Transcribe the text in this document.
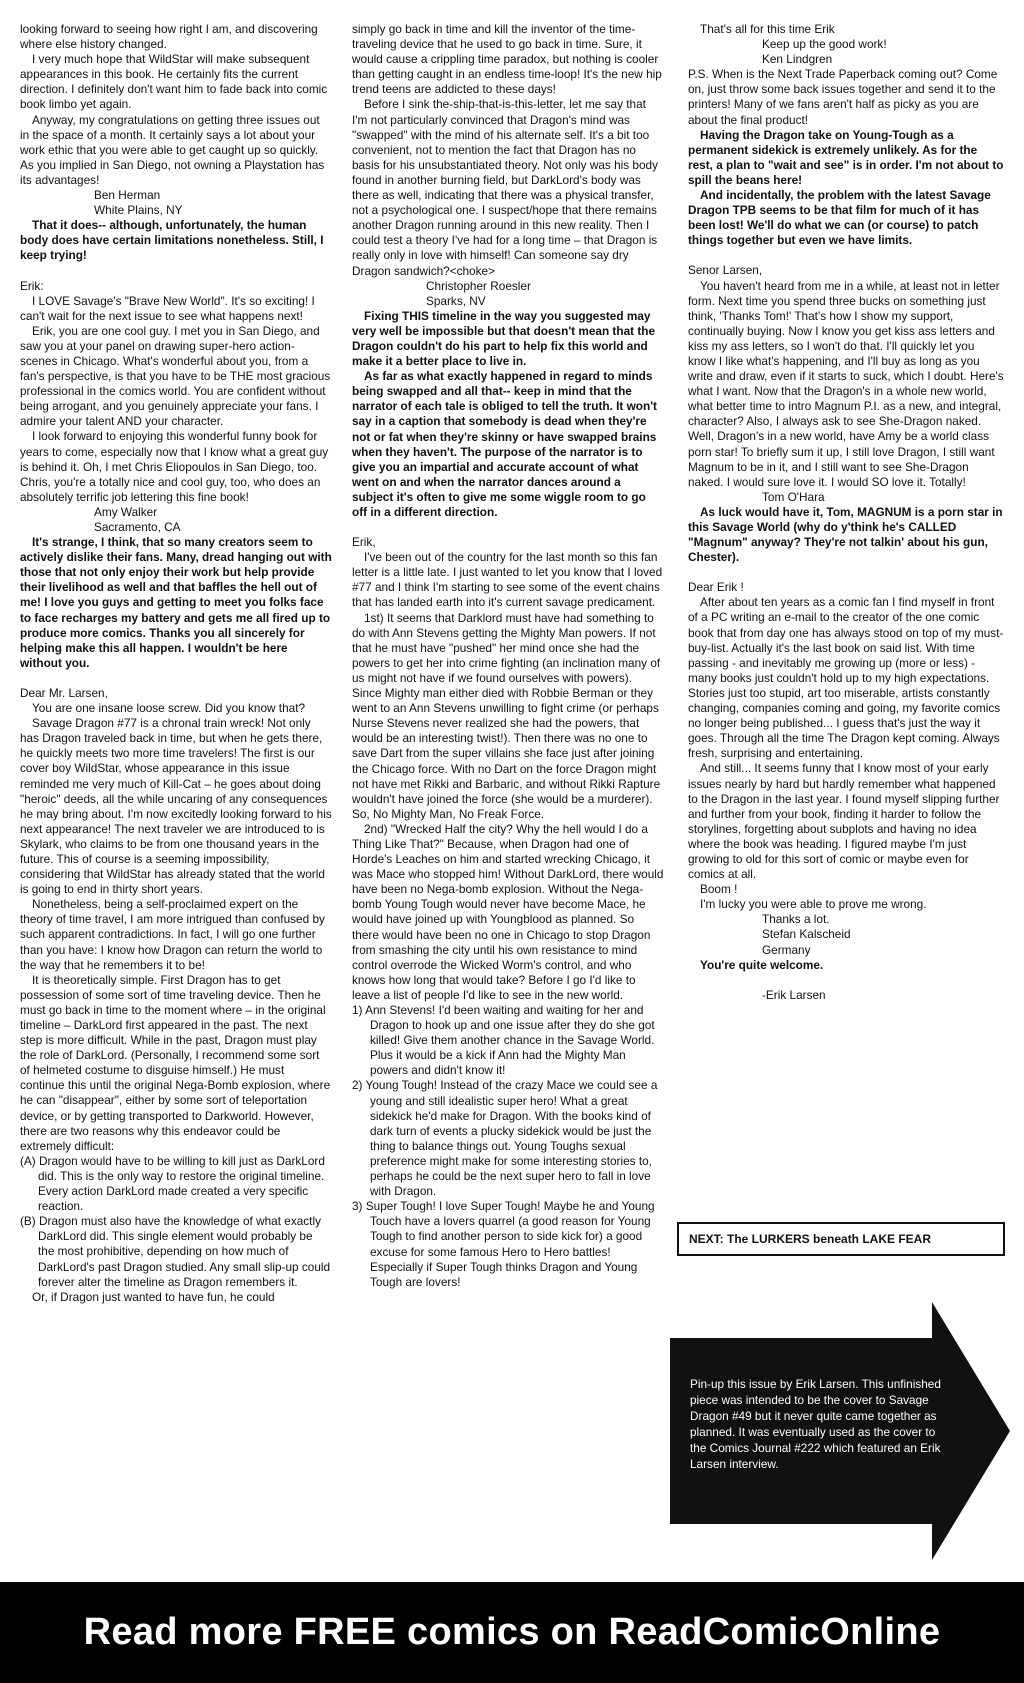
looking forward to seeing how right I am, and discovering where else history changed.

I very much hope that WildStar will make subsequent appearances in this book. He certainly fits the current direction. I definitely don't want him to fade back into comic book limbo yet again.

Anyway, my congratulations on getting three issues out in the space of a month. It certainly says a lot about your work ethic that you were able to get caught up so quickly. As you implied in San Diego, not owning a Playstation has its advantages!

Ben Herman

White Plains, NY

That it does-- although, unfortunately, the human body does have certain limitations nonetheless. Still, I keep trying!

Erik:

I LOVE Savage's "Brave New World". It's so exciting! I can't wait for the next issue to see what happens next!

Erik, you are one cool guy. I met you in San Diego, and saw you at your panel on drawing super-hero action-scenes in Chicago. What's wonderful about you, from a fan's perspective, is that you have to be THE most gracious professional in the comics world. You are confident without being arrogant, and you genuinely appreciate your fans. I admire your talent AND your character.

I look forward to enjoying this wonderful funny book for years to come, especially now that I know what a great guy is behind it. Oh, I met Chris Eliopoulos in San Diego, too. Chris, you're a totally nice and cool guy, too, who does an absolutely terrific job lettering this fine book!

Amy Walker

Sacramento, CA

It's strange, I think, that so many creators seem to actively dislike their fans. Many, dread hanging out with those that not only enjoy their work but help provide their livelihood as well and that baffles the hell out of me! I love you guys and getting to meet you folks face to face recharges my battery and gets me all fired up to produce more comics. Thanks you all sincerely for helping make this all happen. I wouldn't be here without you.

Dear Mr. Larsen,

You are one insane loose screw. Did you know that?

Savage Dragon #77 is a chronal train wreck! Not only has Dragon traveled back in time, but when he gets there, he quickly meets two more time travelers! The first is our cover boy WildStar, whose appearance in this issue reminded me very much of Kill-Cat – he goes about doing "heroic" deeds, all the while uncaring of any consequences he may bring about. I'm now excitedly looking forward to his next appearance! The next traveler we are introduced to is Skylark, who claims to be from one thousand years in the future. This of course is a seeming impossibility, considering that WildStar has already stated that the world is going to end in thirty short years.

Nonetheless, being a self-proclaimed expert on the theory of time travel, I am more intrigued than confused by such apparent contradictions. In fact, I will go one further than you have: I know how Dragon can return the world to the way that he remembers it to be!

It is theoretically simple. First Dragon has to get possession of some sort of time traveling device. Then he must go back in time to the moment where – in the original timeline – DarkLord first appeared in the past. The next step is more difficult. While in the past, Dragon must play the role of DarkLord. (Personally, I recommend some sort of helmeted costume to disguise himself.) He must continue this until the original Nega-Bomb explosion, where he can "disappear", either by some sort of teleportation device, or by getting transported to Darkworld. However, there are two reasons why this endeavor could be extremely difficult:

(A) Dragon would have to be willing to kill just as DarkLord did. This is the only way to restore the original timeline. Every action DarkLord made created a very specific reaction.

(B) Dragon must also have the knowledge of what exactly DarkLord did. This single element would probably be the most prohibitive, depending on how much of DarkLord's past Dragon studied. Any small slip-up could forever alter the timeline as Dragon remembers it.

Or, if Dragon just wanted to have fun, he could

simply go back in time and kill the inventor of the time-traveling device that he used to go back in time. Sure, it would cause a crippling time paradox, but nothing is cooler than getting caught in an endless time-loop! It's the new hip trend teens are addicted to these days!

Before I sink the-ship-that-is-this-letter, let me say that I'm not particularly convinced that Dragon's mind was "swapped" with the mind of his alternate self. It's a bit too convenient, not to mention the fact that Dragon has no basis for his unsubstantiated theory. Not only was his body found in another burning field, but DarkLord's body was there as well, indicating that there was a physical transfer, not a psychological one. I suspect/hope that there remains another Dragon running around in this new reality. Then I could test a theory I've had for a long time – that Dragon is really only in love with himself! Can someone say dry Dragon sandwich?<choke>

Christopher Roesler

Sparks, NV

Fixing THIS timeline in the way you suggested may very well be impossible but that doesn't mean that the Dragon couldn't do his part to help fix this world and make it a better place to live in.

As far as what exactly happened in regard to minds being swapped and all that-- keep in mind that the narrator of each tale is obliged to tell the truth. It won't say in a caption that somebody is dead when they're not or fat when they're skinny or have swapped brains when they haven't. The purpose of the narrator is to give you an impartial and accurate account of what went on and when the narrator dances around a subject it's often to give me some wiggle room to go off in a different direction.

Erik,

I've been out of the country for the last month so this fan letter is a little late. I just wanted to let you know that I loved #77 and I think I'm starting to see some of the event chains that has landed earth into it's current savage predicament.

1st) It seems that Darklord must have had something to do with Ann Stevens getting the Mighty Man powers. If not that he must have "pushed" her mind once she had the powers to get her into crime fighting (an inclination many of us might not have if we found ourselves with powers). Since Mighty man either died with Robbie Berman or they went to an Ann Stevens unwilling to fight crime (or perhaps Nurse Stevens never realized she had the powers, that would be an interesting twist!). Then there was no one to save Dart from the super villains she face just after joining the Chicago force. With no Dart on the force Dragon might not have met Rikki and Barbaric, and without Rikki Rapture wouldn't have joined the force (she would be a murderer). So, No Mighty Man, No Freak Force.

2nd) "Wrecked Half the city? Why the hell would I do a Thing Like That?" Because, when Dragon had one of Horde's Leaches on him and started wrecking Chicago, it was Mace who stopped him! Without DarkLord, there would have been no Nega-bomb explosion. Without the Nega-bomb Young Tough would never have become Mace, he would have joined up with Youngblood as planned. So there would have been no one in Chicago to stop Dragon from smashing the city until his own resistance to mind control overrode the Wicked Worm's control, and who knows how long that would take? Before I go I'd like to leave a list of people I'd like to see in the new world.

1) Ann Stevens! I'd been waiting and waiting for her and Dragon to hook up and one issue after they do she got killed! Give them another chance in the Savage World. Plus it would be a kick if Ann had the Mighty Man powers and didn't know it!

2) Young Tough! Instead of the crazy Mace we could see a young and still idealistic super hero! What a great sidekick he'd make for Dragon. With the books kind of dark turn of events a plucky sidekick would be just the thing to balance things out. Young Toughs sexual preference might make for some interesting stories to, perhaps he could be the next super hero to fall in love with Dragon.

3) Super Tough! I love Super Tough! Maybe he and Young Touch have a lovers quarrel (a good reason for Young Tough to find another person to side kick for) a good excuse for some famous Hero to Hero battles! Especially if Super Tough thinks Dragon and Young Tough are lovers!

That's all for this time Erik

Keep up the good work!

Ken Lindgren

P.S. When is the Next Trade Paperback coming out? Come on, just throw some back issues together and send it to the printers! Many of we fans aren't half as picky as you are about the final product!

Having the Dragon take on Young-Tough as a permanent sidekick is extremely unlikely. As for the rest, a plan to "wait and see" is in order. I'm not about to spill the beans here!

And incidentally, the problem with the latest Savage Dragon TPB seems to be that film for much of it has been lost! We'll do what we can (or course) to patch things together but even we have limits.

Senor Larsen,

You haven't heard from me in a while, at least not in letter form. Next time you spend three bucks on something just think, 'Thanks Tom!' That's how I show my support, continually buying. Now I know you get kiss ass letters and kiss my ass letters, so I won't do that. I'll quickly let you know I like what's happening, and I'll buy as long as you write and draw, even if it starts to suck, which I doubt. Here's what I want. Now that the Dragon's in a whole new world, what better time to intro Magnum P.I. as a new, and integral, character? Also, I always ask to see She-Dragon naked. Well, Dragon's in a new world, have Amy be a world class porn star! To briefly sum it up, I still love Dragon, I still want Magnum to be in it, and I still want to see She-Dragon naked. I would sure love it. I would SO love it. Totally!

Tom O'Hara

As luck would have it, Tom, MAGNUM is a porn star in this Savage World (why do y'think he's CALLED "Magnum" anyway? They're not talkin' about his gun, Chester).

Dear Erik !

After about ten years as a comic fan I find myself in front of a PC writing an e-mail to the creator of the one comic book that from day one has always stood on top of my must-buy-list. Actually it's the last book on said list. With time passing - and inevitably me growing up (more or less) - many books just couldn't hold up to my high expectations. Stories just too stupid, art too miserable, artists constantly changing, companies coming and going, my favorite comics no longer being published... I guess that's just the way it goes. Through all the time The Dragon kept coming. Always fresh, surprising and entertaining.

And still... It seems funny that I know most of your early issues nearly by hard but hardly remember what happened to the Dragon in the last year. I found myself slipping further and further from your book, finding it harder to follow the storylines, forgetting about subplots and having no idea where the book was heading. I figured maybe I'm just growing to old for this sort of comic or maybe even for comics at all.

Boom !

I'm lucky you were able to prove me wrong.

Thanks a lot.

Stefan Kalscheid

Germany

You're quite welcome.

-Erik Larsen

NEXT: The LURKERS beneath LAKE FEAR
Pin-up this issue by Erik Larsen. This unfinished piece was intended to be the cover to Savage Dragon #49 but it never quite came together as planned. It was eventually used as the cover to the Comics Journal #222 which featured an Erik Larsen interview.
Read more FREE comics on ReadComicOnline
